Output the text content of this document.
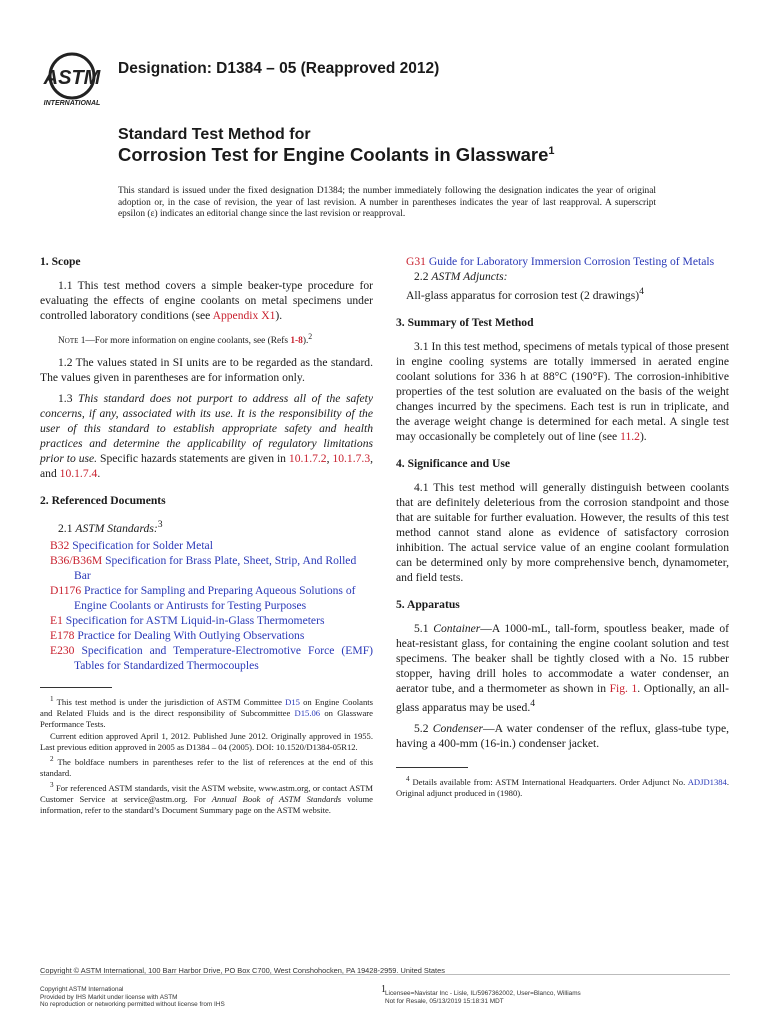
ASTM
INTERNATIONAL
Designation: D1384 – 05 (Reapproved 2012)
Standard Test Method for
Corrosion Test for Engine Coolants in Glassware$^1$
This standard is issued under the fixed designation D1384; the number immediately following the designation indicates the year of original adoption or, in the case of revision, the year of last revision. A number in parentheses indicates the year of last reapproval. A superscript epsilon (ε) indicates an editorial change since the last revision or reapproval.
1. Scope

1.1 This test method covers a simple beaker-type procedure for evaluating the effects of engine coolants on metal specimens under controlled laboratory conditions (see Appendix X1).

Note 1—For more information on engine coolants, see (Refs 1-8).$^2$

1.2 The values stated in SI units are to be regarded as the standard. The values given in parentheses are for information only.

1.3 This standard does not purport to address all of the safety concerns, if any, associated with its use. It is the responsibility of the user of this standard to establish appropriate safety and health practices and determine the applicability of regulatory limitations prior to use. Specific hazards statements are given in 10.1.7.2, 10.1.7.3, and 10.1.7.4.

2. Referenced Documents
2.1 ASTM Standards:$^3$
B32 Specification for Solder Metal
B36/B36M Specification for Brass Plate, Sheet, Strip, And Rolled Bar
D1176 Practice for Sampling and Preparing Aqueous Solutions of Engine Coolants or Antirusts for Testing Purposes
E1 Specification for ASTM Liquid-in-Glass Thermometers
E178 Practice for Dealing With Outlying Observations
E230 Specification and Temperature-Electromotive Force (EMF) Tables for Standardized Thermocouples
$^1$ This test method is under the jurisdiction of ASTM Committee D15 on Engine Coolants and Related Fluids and is the direct responsibility of Subcommittee D15.06 on Glassware Performance Tests.
Current edition approved April 1, 2012. Published June 2012. Originally approved in 1955. Last previous edition approved in 2005 as D1384 – 04 (2005). DOI: 10.1520/D1384-05R12.
$^2$ The boldface numbers in parentheses refer to the list of references at the end of this standard.
$^3$ For referenced ASTM standards, visit the ASTM website, www.astm.org, or contact ASTM Customer Service at service@astm.org. For Annual Book of ASTM Standards volume information, refer to the standard’s Document Summary page on the ASTM website.
G31 Guide for Laboratory Immersion Corrosion Testing of Metals
2.2 ASTM Adjuncts:
All-glass apparatus for corrosion test (2 drawings)$^4$
3. Summary of Test Method

3.1 In this test method, specimens of metals typical of those present in engine cooling systems are totally immersed in aerated engine coolant solutions for 336 h at 88°C (190°F). The corrosion-inhibitive properties of the test solution are evaluated on the basis of the weight changes incurred by the specimens. Each test is run in triplicate, and the average weight change is determined for each metal. A single test may occasionally be completely out of line (see 11.2).

4. Significance and Use

4.1 This test method will generally distinguish between coolants that are definitely deleterious from the corrosion standpoint and those that are suitable for further evaluation. However, the results of this test method cannot stand alone as evidence of satisfactory corrosion inhibition. The actual service value of an engine coolant formulation can be determined only by more comprehensive bench, dynamometer, and field tests.

5. Apparatus

5.1 Container—A 1000-mL, tall-form, spoutless beaker, made of heat-resistant glass, for containing the engine coolant solution and test specimens. The beaker shall be tightly closed with a No. 15 rubber stopper, having drill holes to accommodate a water condenser, an aerator tube, and a thermometer as shown in Fig. 1. Optionally, an all-glass apparatus may be used.$^4$

5.2 Condenser—A water condenser of the reflux, glass-tube type, having a 400-mm (16-in.) condenser jacket.

$^4$ Details available from: ASTM International Headquarters. Order Adjunct No. ADJD1384. Original adjunct produced in (1980).
Copyright © ASTM International, 100 Barr Harbor Drive, PO Box C700, West Conshohocken, PA 19428-2959. United States
Copyright ASTM International
Provided by IHS Markit under license with ASTM
No reproduction or networking permitted without license from IHS
1 Licensee=Navistar Inc - Lisle, IL/5967362002, User=Blanco, Williams
Not for Resale, 05/13/2019 15:18:31 MDT
